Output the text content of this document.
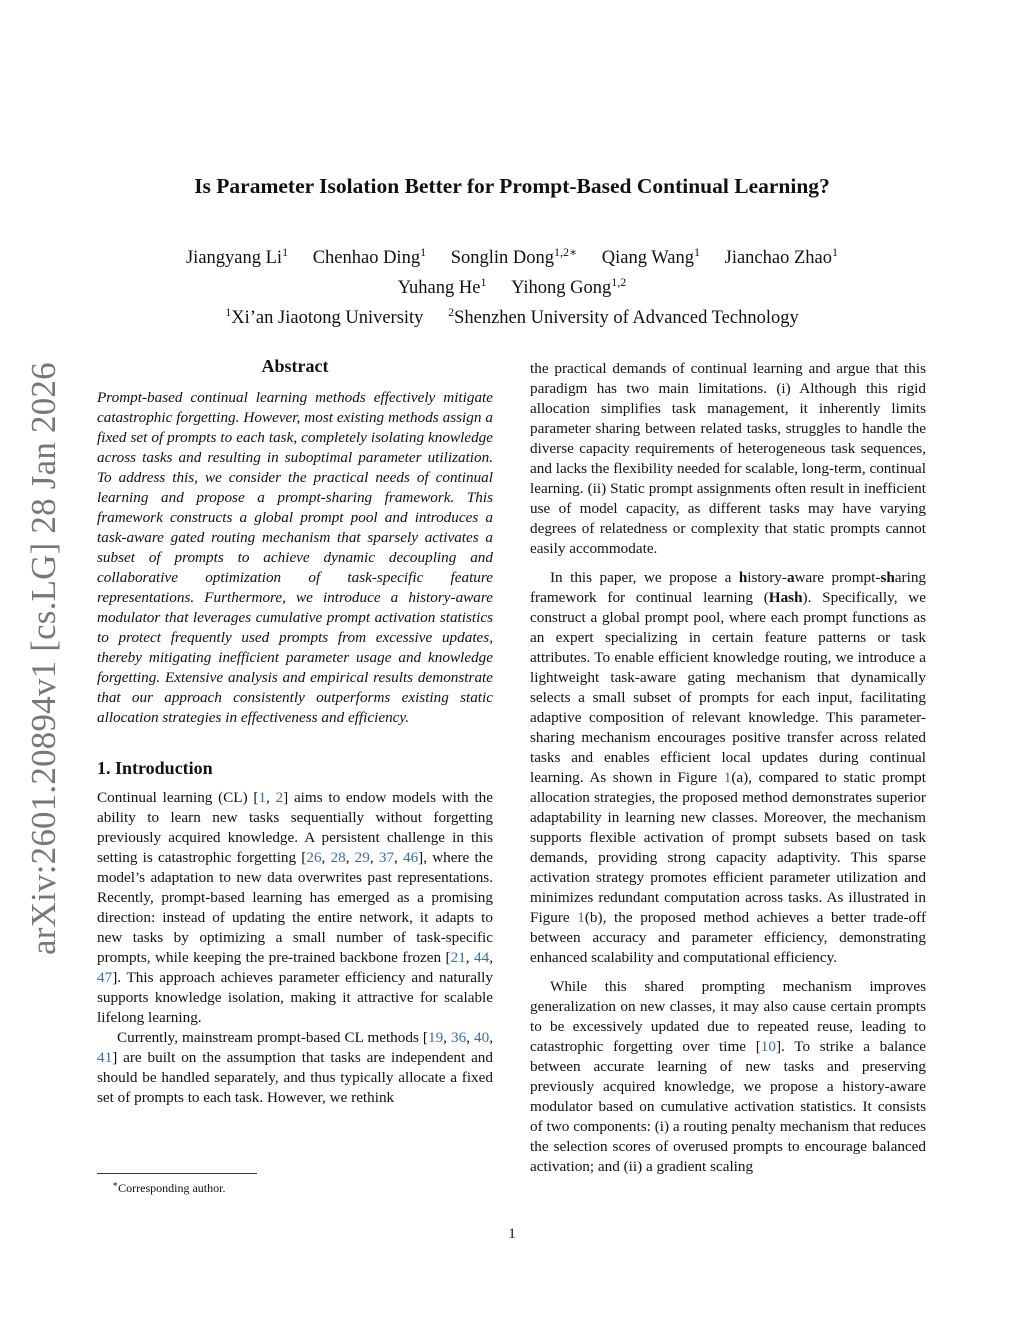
arXiv:2601.20894v1 [cs.LG] 28 Jan 2026
Is Parameter Isolation Better for Prompt-Based Continual Learning?
Jiangyang Li$^1$ Chenhao Ding$^1$ Songlin Dong$^{1,2∗}$ Qiang Wang$^1$ Jianchao Zhao$^1$
Yuhang He$^1$ Yihong Gong$^{1,2}$
$^1$Xi’an Jiaotong University $^2$Shenzhen University of Advanced Technology
Abstract

Prompt-based continual learning methods effectively mitigate catastrophic forgetting. However, most existing methods assign a fixed set of prompts to each task, completely isolating knowledge across tasks and resulting in suboptimal parameter utilization. To address this, we consider the practical needs of continual learning and propose a prompt-sharing framework. This framework constructs a global prompt pool and introduces a task-aware gated routing mechanism that sparsely activates a subset of prompts to achieve dynamic decoupling and collaborative optimization of task-specific feature representations. Furthermore, we introduce a history-aware modulator that leverages cumulative prompt activation statistics to protect frequently used prompts from excessive updates, thereby mitigating inefficient parameter usage and knowledge forgetting. Extensive analysis and empirical results demonstrate that our approach consistently outperforms existing static allocation strategies in effectiveness and efficiency.

1. Introduction

Continual learning (CL) [1, 2] aims to endow models with the ability to learn new tasks sequentially without forgetting previously acquired knowledge. A persistent challenge in this setting is catastrophic forgetting [26, 28, 29, 37, 46], where the model’s adaptation to new data overwrites past representations. Recently, prompt-based learning has emerged as a promising direction: instead of updating the entire network, it adapts to new tasks by optimizing a small number of task-specific prompts, while keeping the pre-trained backbone frozen [21, 44, 47]. This approach achieves parameter efficiency and naturally supports knowledge isolation, making it attractive for scalable lifelong learning.

Currently, mainstream prompt-based CL methods [19, 36, 40, 41] are built on the assumption that tasks are independent and should be handled separately, and thus typically allocate a fixed set of prompts to each task. However, we rethink

the practical demands of continual learning and argue that this paradigm has two main limitations. (i) Although this rigid allocation simplifies task management, it inherently limits parameter sharing between related tasks, struggles to handle the diverse capacity requirements of heterogeneous task sequences, and lacks the flexibility needed for scalable, long-term, continual learning. (ii) Static prompt assignments often result in inefficient use of model capacity, as different tasks may have varying degrees of relatedness or complexity that static prompts cannot easily accommodate.

In this paper, we propose a history-aware prompt-sharing framework for continual learning (Hash). Specifically, we construct a global prompt pool, where each prompt functions as an expert specializing in certain feature patterns or task attributes. To enable efficient knowledge routing, we introduce a lightweight task-aware gating mechanism that dynamically selects a small subset of prompts for each input, facilitating adaptive composition of relevant knowledge. This parameter-sharing mechanism encourages positive transfer across related tasks and enables efficient local updates during continual learning. As shown in Figure 1(a), compared to static prompt allocation strategies, the proposed method demonstrates superior adaptability in learning new classes. Moreover, the mechanism supports flexible activation of prompt subsets based on task demands, providing strong capacity adaptivity. This sparse activation strategy promotes efficient parameter utilization and minimizes redundant computation across tasks. As illustrated in Figure 1(b), the proposed method achieves a better trade-off between accuracy and parameter efficiency, demonstrating enhanced scalability and computational efficiency.

While this shared prompting mechanism improves generalization on new classes, it may also cause certain prompts to be excessively updated due to repeated reuse, leading to catastrophic forgetting over time [10]. To strike a balance between accurate learning of new tasks and preserving previously acquired knowledge, we propose a history-aware modulator based on cumulative activation statistics. It consists of two components: (i) a routing penalty mechanism that reduces the selection scores of overused prompts to encourage balanced activation; and (ii) a gradient scaling

∗Corresponding author.
1
